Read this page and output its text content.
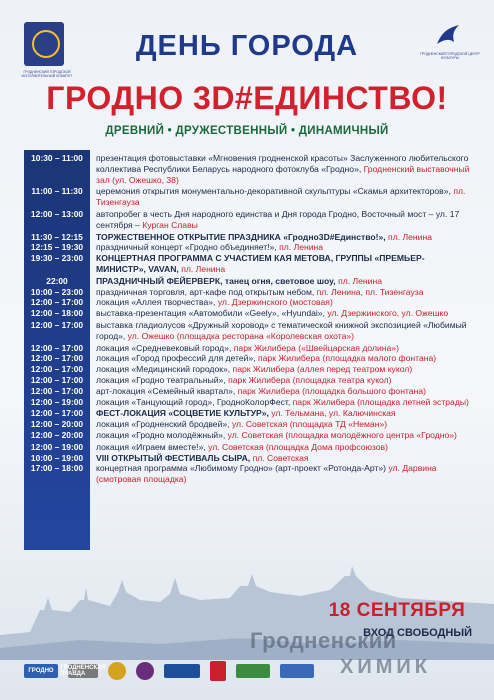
ГРОДНЕНСКИЙ ГОРОДСКОЙ ИСПОЛНИТЕЛЬНЫЙ КОМИТЕТ
ГРОДНЕНСКИЙ ГОРОДСКОЙ ЦЕНТР КУЛЬТУРЫ
ДЕНЬ ГОРОДА
ГРОДНО 3D#ЕДИНСТВО!
ДРЕВНИЙ • ДРУЖЕСТВЕННЫЙ • ДИНАМИЧНЫЙ
10:30 – 11:00	презентация фотовыставки «Мгновения гродненской красоты» Заслуженного любительского коллектива Республики Беларусь народного фотоклуба «Гродно», Гродненский выставочный зал (ул. Ожешко, 38)
11:00 – 11:30	церемония открытия монументально-декоративной скульптуры «Скамья архитекторов», пл. Тизенгауза
12:00 – 13:00	автопробег в честь Дня народного единства и Дня города Гродно, Восточный мост – ул. 17 сентября – Курган Славы
11:30 – 12:15	ТОРЖЕСТВЕННОЕ ОТКРЫТИЕ ПРАЗДНИКА «Гродно3D#Единство!», пл. Ленина
12:15 – 19:30	праздничный концерт «Гродно объединяет!», пл. Ленина
19:30 – 23:00	КОНЦЕРТНАЯ ПРОГРАММА С УЧАСТИЕМ КАЯ МЕТОВА, ГРУППЫ «ПРЕМЬЕР-МИНИСТР», VAVAN, пл. Ленина
22:00	ПРАЗДНИЧНЫЙ ФЕЙЕРВЕРК, танец огня, световое шоу, пл. Ленина
10:00 – 23:00	праздничная торговля, арт-кафе под открытым небом, пл. Ленина, пл. Тизенгауза
12:00 – 17:00	локация «Аллея творчества», ул. Дзержинского (мостовая)
12:00 – 18:00	выставка-презентация «Автомобили «Geely», «Hyundai», ул. Дзержинского, ул. Ожешко
12:00 – 17:00	выставка гладиолусов «Дружный хоровод» с тематической книжной экспозицией «Любимый город», ул. Ожешко (площадка ресторана «Королевская охота»)
12:00 – 17:00	локация «Средневековый город», парк Жилибера («Швейцарская долина»)
12:00 – 17:00	локация «Город профессий для детей», парк Жилибера (площадка малого фонтана)
12:00 – 17:00	локация «Медицинский городок», парк Жилибера (аллея перед театром кукол)
12:00 – 17:00	локация «Гродно театральный», парк Жилибера (площадка театра кукол)
12:00 – 17:00	арт-локация «Семейный квартал», парк Жилибера (площадка большого фонтана)
12:00 – 19:00	локация «Танцующий город», ГродноКолорФест, парк Жилибера (площадка летней эстрады)
12:00 – 17:00	ФЕСТ-ЛОКАЦИЯ «СОЦВЕТИЕ КУЛЬТУР», ул. Тельмана, ул. Калючинская
12:00 – 20:00	локация «Гродненский бродвей», ул. Советская (площадка ТД «Неман»)
12:00 – 20:00	локация «Гродно молодёжный», ул. Советская (площадка молодёжного центра «Гродно»)
12:00 – 19:00	локация «Играем вместе!», ул. Советская (площадка Дома профсоюзов)
10:00 – 19:00	VIII ОТКРЫТЫЙ ФЕСТИВАЛЬ СЫРА, пл. Советская
17:00 – 18:00	концертная программа «Любимому Гродно» (арт-проект «Ротонда-Арт») ул. Дарвина (смотровая площадка)
18 СЕНТЯБРЯ
ВХОД СВОБОДНЫЙ
Гродненский
ХИМИК
ГРОДНО	ГРОДНЕНСКАЯ ПРАВДА
